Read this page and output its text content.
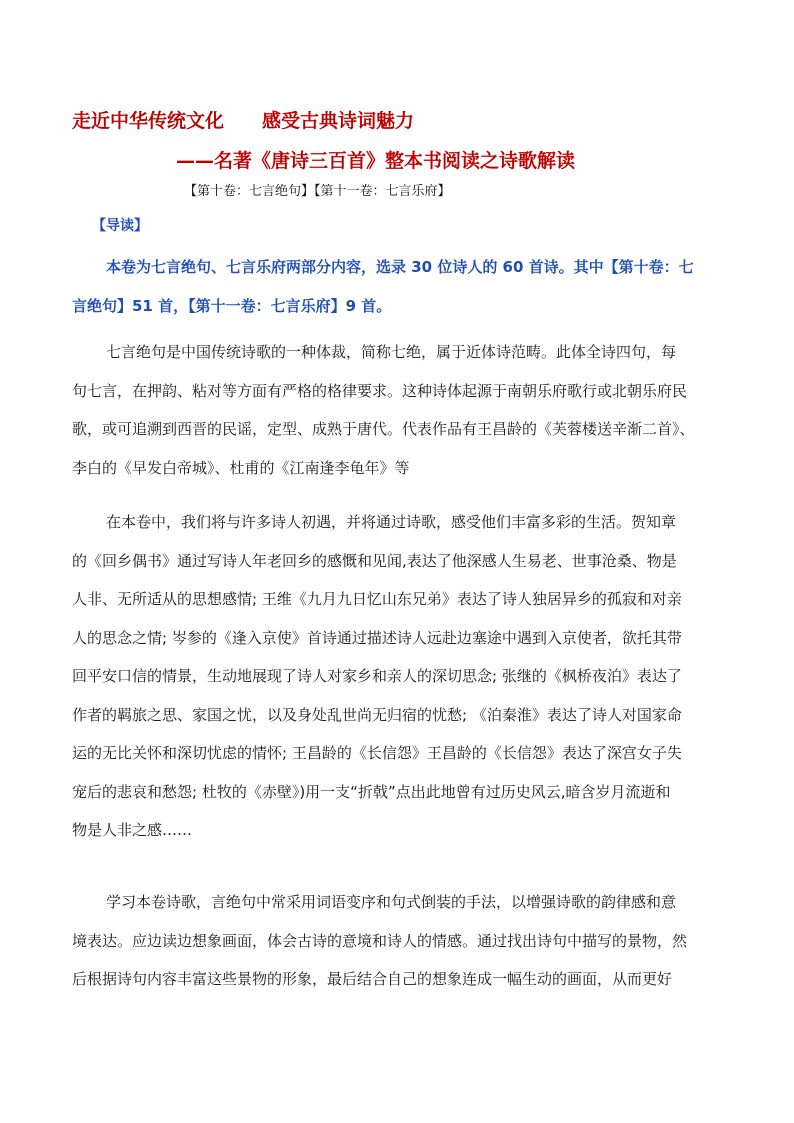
走近中华传统文化 感受古典诗词魅力
——名著《唐诗三百首》整本书阅读之诗歌解读
【第十卷：七言绝句】【第十一卷：七言乐府】
【导读】
本卷为七言绝句、七言乐府两部分内容，选录 30 位诗人的 60 首诗。其中【第十卷：七
言绝句】51 首，【第十一卷：七言乐府】9 首。
七言绝句是中国传统诗歌的一种体裁，简称七绝，属于近体诗范畴。此体全诗四句，每
句七言，在押韵、粘对等方面有严格的格律要求。这种诗体起源于南朝乐府歌行或北朝乐府民
歌，或可追溯到西晋的民谣，定型、成熟于唐代。代表作品有王昌龄的《芙蓉楼送辛渐二首》、
李白的《早发白帝城》、杜甫的《江南逢李龟年》等
在本卷中，我们将与许多诗人初遇，并将通过诗歌，感受他们丰富多彩的生活。贺知章
的《回乡偶书》通过写诗人年老回乡的感慨和见闻,表达了他深感人生易老、世事沧桑、物是
人非、无所适从的思想感情; 王维《九月九日忆山东兄弟》表达了诗人独居异乡的孤寂和对亲
人的思念之情; 岑参的《逢入京使》首诗通过描述诗人远赴边塞途中遇到入京使者，欲托其带
回平安口信的情景，生动地展现了诗人对家乡和亲人的深切思念; 张继的《枫桥夜泊》表达了
作者的羁旅之思、家国之忧，以及身处乱世尚无归宿的忧愁; 《泊秦淮》表达了诗人对国家命
运的无比关怀和深切忧虑的情怀; 王昌龄的《长信怨》王昌龄的《长信怨》表达了深宫女子失
宠后的悲哀和愁怨; 杜牧的《赤壁》)用一支“折戟”点出此地曾有过历史风云,暗含岁月流逝和
物是人非之感……
学习本卷诗歌，言绝句中常采用词语变序和句式倒装的手法，以增强诗歌的韵律感和意
境表达。应边读边想象画面，体会古诗的意境和诗人的情感。通过找出诗句中描写的景物，然
后根据诗句内容丰富这些景物的形象，最后结合自己的想象连成一幅生动的画面，从而更好
